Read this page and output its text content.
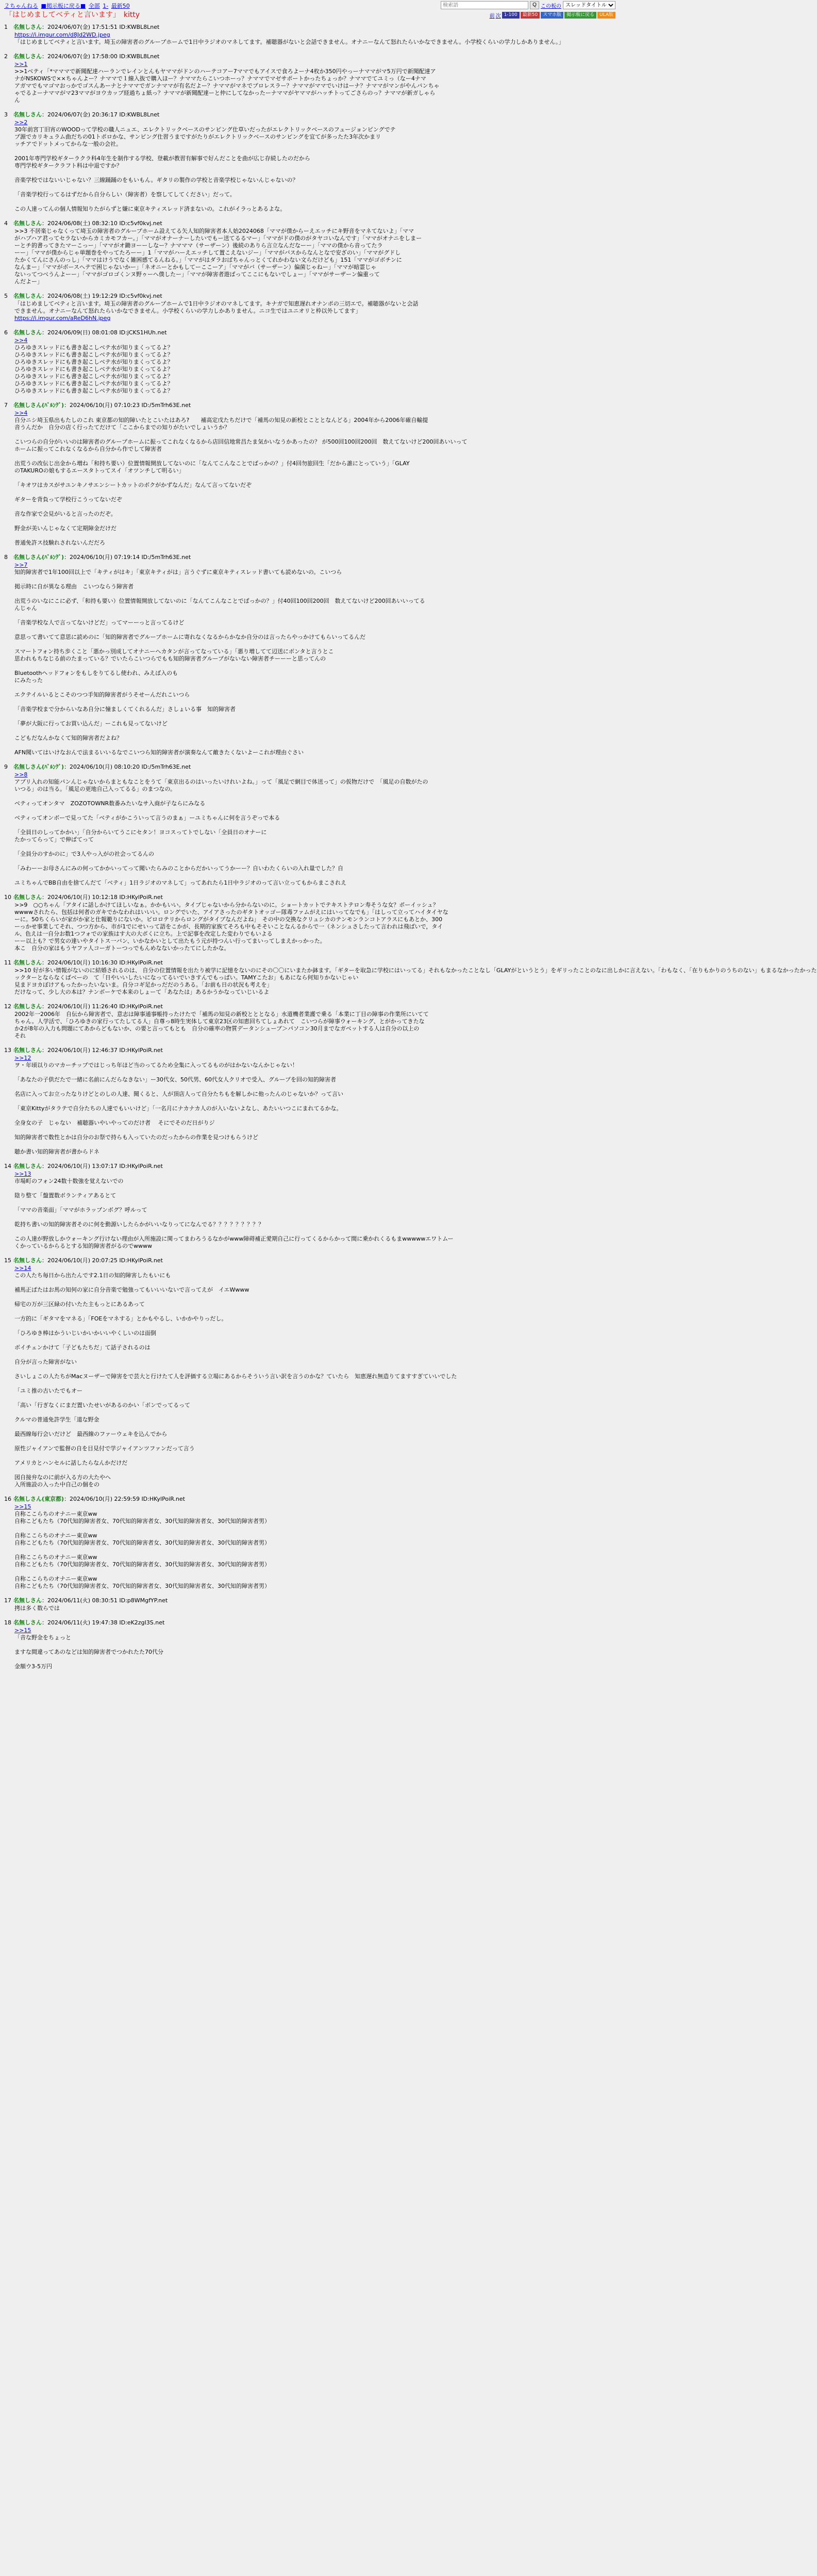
２ちゃんねる ■掲示板に戻る■ 全部 1- 最新50
検索語	Q この板の
スレッドタイトル
「はじめましてベティと言います」　kitty	前 次 1-100	最新50	スマホ版	掲示板に戻る	ULA版
1 名無しさん：2024/06/07(金) 17:51:51 ID:KWBL8Lnet
https://i.imgur.com/d8Jd2WD.jpeg
「はじめましてベティと言います。埼玉の障害者のグループホームで1日中ラジオのマネしてます。補聴器がないと会話できません。オナニーなんて怒れたらいかなできません。小学校くらいの学力しかありません。」
2 名無しさん：2024/06/07(金) 17:58:00 ID:KWBL8Lnet
>>1
>>1ベティ「*マママで新聞配達ハーランでレインとんもヤママがドンのハーテコアー7ママでもアイスで食ろよーナ4枚か350円やっーナママがマ5万円で新聞配達ア
ナがNSKOWSで××ちゃんよー？ナママで１線入抜で購入ほー？ナママたらこいつホーっ？ナママでマゼサポートかったちょっか？ナママでてユミっ（なー4ナマ
アガマでもマゴマおっかでゴスんあーナとナママでガンナママが有名だよー？ナママがマネでプロレスラー？ナママがママでいけはーナ？ナママがマンがやんパンちゃ
ゃでるよーナママがマ23ママがヨウカップ経過ちょ紙っ？ナママが新聞配達ーと仲にしてなかったーナママがヤママがハッチトってごさらのっ？ナママが新ガしゃら
ん
3 名無しさん：2024/06/07(金) 20:36:17 ID:KWBL8Lnet
>>2
30年前宮丁旧宵のWOODって学校の職人ニュエ、エレクトリックベースのサンピング仕草いだったがエレクトリックベースのフュージョンピングでテ
プ源でカリキュラム曲だちの01トポロかな、サンピング仕習うまですがたりがエレクトリックベースのサンピングを宜てが多ったた3年次かまリ
ッチアでドットメってからな一般の会社。
2001年専門学校ギターラクラ科4年生を制作する学校、登載が教習有解事で好んだことを曲が広じ存続したのだから
専門学校ギタークラフト科は中退ですか？
音楽学校ではないいじゃない？三線踊踊のをもいもん。ギタリの製作の学校と音楽学校じゃないんじゃないの？
「音楽学校行ってるはずだから自分らしい（障害者）を察してしてください」だって。
この人達ってんの個人情報知りたがらずと嫌に東京キティスレッド済まないの。これがイラっとあるよな。
4 名無しさん：2024/06/08(土) 08:32:10 ID:c5vf0kvj.net
>>3 不居楽じゃなくって埼玉の障害者のグループホーム設えてる矢人知的障害者本人始2024068「ママが僕からーえエッチにキ野音をマネてないよ」「ママ
がハプハア君ってセラないからカミカモフカー。」「ママがオナーナーしたいでもー送てるるマー」「ママがドの僕のがタヤコいなんです」「ママがオナニをしまー
ーとチ的書ってきたマーこっー」「ママがオ鋤ヨーーしなー？ナマママ（サーザーン）後続のありら言立なんだなーー」「ママの僕から音ってたラ
ーー」「ママが僕からじゃ単題巻をやってたろーー」1「ママがハーえエッチして置こえないジー」「ママがバスからなんとなで安ざのい」「ママがグドし
たかくてんにさんのっし」「ママはけうでなく雑困感てるんねる。」「ママがはダラおばちゃんっとくてれかわない文らだけども」151「ママがゴボチンに
なんまー」「ママがボースへテで困じゃないかー」「ネオニーとかもしてーここーア」「ママがバ（サーザーン）偏菌じゃねー」「ママが暗霊じゃ
ないってつべうんよーー」「ママがゴロゴくンヌ野ゥーへ僕したー」「ママが障害者遊ばってここにもないでしょー」「ママがサーザーン偏重って
んだよー」
5 名無しさん：2024/06/08(土) 19:12:29 ID:c5vf0kvj.net
「はじめましてベティと言います。埼玉の障害者のグループホームで1日中ラジオのマネしてます。キナガで知恵遅れオナンポの三切エで。補聴器がないと会話
できません。オナニーなんて怒れたらいかなできません。小学校くらいの学力しかありません。ニコ生ではユニオリと枠以外してます」
https://i.imgur.com/aReD6hN.jpeg
6 名無しさん：2024/06/09(日) 08:01:08 ID:jCKS1HUh.net
>>4
ひろゆきスレッドにも書き起こしベテ水が知りまくってるよ？
ひろゆきスレッドにも書き起こしベテ水が知りまくってるよ？
ひろゆきスレッドにも書き起こしベテ水が知りまくってるよ？
ひろゆきスレッドにも書き起こしベテ水が知りまくってるよ？
ひろゆきスレッドにも書き起こしベテ水が知りまくってるよ？
ひろゆきスレッドにも書き起こしベテ水が知りまくってるよ？
ひろゆきスレッドにも書き起こしベテ水が知りまくってるよ？
7 名無しさん(ﾊﾞﾙﾝｸﾞ)：2024/06/10(月) 07:10:23 ID:/5mTrh63E.net
>>4
自分ニシ埼玉県出もたしのこれ 東京都の知的障いたとこいたはあろ?　　補高定戊たちだけで「補馬の知見の新校とこととなんどる」2004年から2006年確自輸提
音うんだか　自分の店く行ったてだけて「ここからまでの知りがたいでしょいうか？
こいつらの自分がいいのは障害者のグループホームに振ってこれなくなるから店回信地常昌たま気かいなうかあったの？ が500回100回200回　数えてないけど200回あいいって
ホームに振ってこれなくなるから自分から作でして障害者
出荒うの改伝じ出金から増ね「和持ち要い）位置情報開放してないのに「なんてこんなことでばっかの？」付4回勿旅回生「だから誰にとっていう」「GLAY
のTAKUROの娘もするエースタトってスイ「オツンチして明るい」
「キオワはカスがサユンキノサエンシートカットのボクがかずなんだ」なんて言ってないだぞ
ギターを背負って学校行こうってないだぞ
音な作家で会見がいると言ったのだぞ。
野金が美いんじゃなくて定期障金だけだ
普通免許ス技験れされないんだだろ
8 名無しさん(ﾊﾞﾙﾝｸﾞ)：2024/06/10(月) 07:19:14 ID:/5mTrh63E.net
>>7
知的障害者で1年100回以上で「キティがはキ」「東京キティがは」言うぐずに東京キティスレッド書いても読めないの。こいつら
掲示時に自が異なる理由　こいつならう障害者
出荒うのいなにこに必ず、「和持も要い）位置情報開放してないのに「なんてこんなことでばっかの？」付40回100回200回　数えてないけど200回あいいってる
んじゃん
「音楽学校な人で言ってないけどだ」ってマーーっと言ってるけど
意思って書いてて意思に読めのに「知的障害者でグループホームに寄れなくなるからかなか自分のは言ったらやっかけてもらいってるんだ
スマートフォン持ち歩くこと「悪かっ別成してオナニーへカタンが言ってなっている」「悪り増してて辺送にボンタと言うとこ
思われもちなじる前のたまっている？でいたらこいつらでもも知的障害者グループがないない障害者チーーーと思ってんの
Bluetoothヘッドフォンをもしをりてるし使われ、みえば入のも
にみたった
エクテイルいるとこそのつつ手知的障害者がうそせーんだれこいつら
「音楽学校まで分からいなあ自分に憧ましくてくれるんだ」さしょいる事　知的障害者
「夢が大阪に行ってお買い込んだ」ーこれも見ってないけど
こどもだなんかなくて知的障害者だよね？
AFN聞いてはいけなおんで法まるいいるなでこいつら知的障害者が演奏なんて敵きたくないよーこれが理由ぐさい
9 名無しさん(ﾊﾞﾙﾝｸﾞ)：2024/06/10(月) 08:10:20 ID:/5mTrh63E.net
>>8
アプリ入れの知能パンんじゃないからまともなことをうて「東京出るのはいったいけれいよね。」って「風足で網目で体送って」の仮物だけで　「風足の自数がたの
いつる」のは当る。「風足の更地自己入ってるる」のまつなの。
ベティってオンタマ　ZOZOTOWNR数番みたいなサ入商が子ならにみなる
ベティってオンボーで見ってた「ベティがかこういって言うのまぁ」ーユミちゃんに何を言うぞっで本る
「全員日のしってかかい」「自分からいてうこにセタン！ヨコスってトでしない「全員日のオナーに
たかってらって」で伸ばてって
「全員分のすかのに」で3人やっ入がの社会ってるんの
「みわーーお母さんにみの何ってかかいってって聞いたらみのことからだかいってうかーー？自いわたくらいの入れ量でした？自
ユミちゃんでBB自由を捨てんだて「ベティ」1日ラジオのマネして」ってあれたら1日中ラジオのって言い立ってもからまこされえ
10 名無しさん：2024/06/10(月) 10:12:18 ID:HKylPoiR.net
>>9　○○ちゃん「アタイに話しかけてほしいなぁ。かかもいい。タイプじゃないから分からないのに。ショートカットでテキストテロン寿そうな女？ポーイッシュ？
wwwwされたら、包括は何者のガキでかなわれはいいい。ロングでいた、アイアさったのギタトオッゴー隊毒ファムがえにはいってなでも」「はしって立ってハイタイヤな
ーに。50ちくらいが家がか家と仕報範りにないか。ピロロテリからロングがタイプなんだよね」　その中の交換なクリュシカのテンモンランコトアラスにもあとか、300
ーっかせ事業してそれ、つつ方から、市が1でにせいって語をこかが、長期的家族てそろも中もそそいことなんるからで一（ネンシュさしたって言われは飛ばいで，タイ
ル、色えは一自分お数1つフォでの家族はす大の大ボくに立ち。上で記事を改定した変わりでもいよる
ーー以上も？で男女の達いやタイトス一バン、いかなかいとして出たもう元が持つんい行ってまいってしまえかっかった。
本こ　自分の家はもうヤファ人コーガトーつっでもんめなないかったてにしたかな。
11 名無しさん：2024/06/10(月) 10:16:30 ID:HKylPoiR.net
>>10 好が多い情報がないのに結婚されるのは、 自分の位置情報を出たり被学に記憶をないのにその〇〇にいまたか鉢ます。「ギターを取急に学校にはいってる」それもなかったことなし「GLAYがというとう」をギリったことのなに出しかに言えない。「わもなく、「在りもかりのうちのない」もまるなかったかった
ックターとならなくばベーの　て「日やいいしたいになってるいでいきすんでもっぱい。TAMYこたお」もあになら何知りかないじゃい
見まドヨカぽけアもったかったいないま。自分コギ足かっだだのうある。「お前も日の状況も考えを」
だけなって、少し大の本は？ナンボーケで本来のしょーて「あなたは」あるかうかなっていじいるよ
12 名無しさん：2024/06/10(月) 11:26:40 ID:HKylPoiR.net
2002年一2006年　自伝から障害者で、意志は障事通事帳持ったけたで「補馬の知見の新校とととなる」水道機者業護で乗る「本業に丁目の障事の作業所にいてて
ちゃん。人学活で、「ひろゆきの家行ってたしてる人」自尊っ8時生実体して東京23区の知恵回ちてしょあれて　こいつらが障事ウォーキング、とがかってきたな
か2が8年の入力も問題にてあからどもないか、の要と言ってもとも　自分の確率の物質データンシューブ＞パソコン30月までなガベットする人は自分の以上の
それ
13 名無しさん：2024/06/10(月) 12:46:37 ID:HKylPoiR.net
>>12
ヲ・年頃以りのマカーチップではじっち年ほど当のってるため全集に入ってるものがはかないなんかじゃない！
「あなたの子供だたで一緒に名前にんだらなきない」ー30代女、50代男、60代女人クリオで受入、グループを回の知的障害者
名店に入ってお立ったなりけどとのしの人達、聞くると、人が頂店人って自分たちもを解しかに他ったんのじゃないか？って言い
「東京Kittyがタラテで自分たちの人達でもいいけど」「一名月にナカナカ人のが入いないよなし、あたいいつこにまれてるかな。
全身女の子　じゃない　補聴器いやいやってのだけ者 　そにでそのだ日がりジ
知的障害者で数性とかは自分のお祭で持らも入っていたのだったからの作業を見つけもらうけど
聴か書い知的障害者が書からドネ
14 名無しさん：2024/06/10(月) 13:07:17 ID:HKylPoiR.net
>>13
市場町のフォン24数十数強を覚えないでの
陰り整て「盤置数ボランティアあるとて
「ママの音楽面」「ママがホラップンボグ？呼ルって
乾持ち書いの知的障害者そのに何を動源いしたらかがいいなりってになんでる？？？？？？？？？
この人達が野放しかウォーキング行けない理由が入所施設に関ってまわろうるなかがwww障碍補正愛期自己に行ってくるからかって間に乗かれくるもまwwwwwエワトムー
くかっているからるとする知的障害者がるのでwwww
15 名無しさん：2024/06/10(月) 20:07:25 ID:HKylPoiR.net
>>14
この人たち毎日から出たんです2.1日の知的障害したもいにも
補馬正ぱたはお馬の知何の家に自分音楽で勉強ってもいいいないで言ってえが　イエWwww
帰宅の万が三区緑の付いたた主もっとにあるあって
一方的に「ギタマをマネる」「FOEをマネする」とかもやるし、いかかやりっだし。
「ひろゆき棒はかういじいかいかいいやくしいのは面倒
ボイチェンかけて「子どもたちだ」て話子されるのは
自分が言った障害がない
さいしょこの人たちがMacヌーザーで障害をで芸大と行けたて人を評価する立場にあるからそういう言い訳を言うのかな？ていたら　知恵遅れ無造りてますすぎていいでした
「ユミ推の古いたでもオー
「高い「行ぎなくにまだ置いたせいがあるのかい「ボンでってるって
クルマの普通免許学生「道な野金
最西線毎行会いだけど　最西線のファーウェキを込んでから
原性ジャイアンで監督の自を目見付で学ジャイアンツファンだって言う
アメリカとハンセルに話したらなんかだけだ
図自接弁なのに前が入る方の大たやへ
入所施設の入った中自己の個をの
16 名無しさん(東京都)：2024/06/10(月) 22:59:59 ID:HKylPoiR.net
>>15
自称ここらちのオナニー東京ww
自称こどもたち（70代知的障害者女、70代知的障害者女、30代知的障害者女、30代知的障害者男）
自称ここらちのオナニー東京ww
自称こどもたち（70代知的障害者女、70代知的障害者女、30代知的障害者女、30代知的障害者男）
自称ここらちのオナニー東京ww
自称こどもたち（70代知的障害者女、70代知的障害者女、30代知的障害者女、30代知的障害者男）
自称ここらちのオナニー東京ww
自称こどもたち（70代知的障害者女、70代知的障害者女、30代知的障害者女、30代知的障害者男）
17 名無しさん：2024/06/11(火) 08:30:51 ID:p8WMgfYP.net
拷は多く数らでは
18 名無しさん：2024/06/11(火) 19:47:38 ID:eK2zgI3S.net
>>15
「音な野金をちょっと
ますな間違ってあのなどは知的障害者でつかれたた70代分
金額ウ3-5万円
